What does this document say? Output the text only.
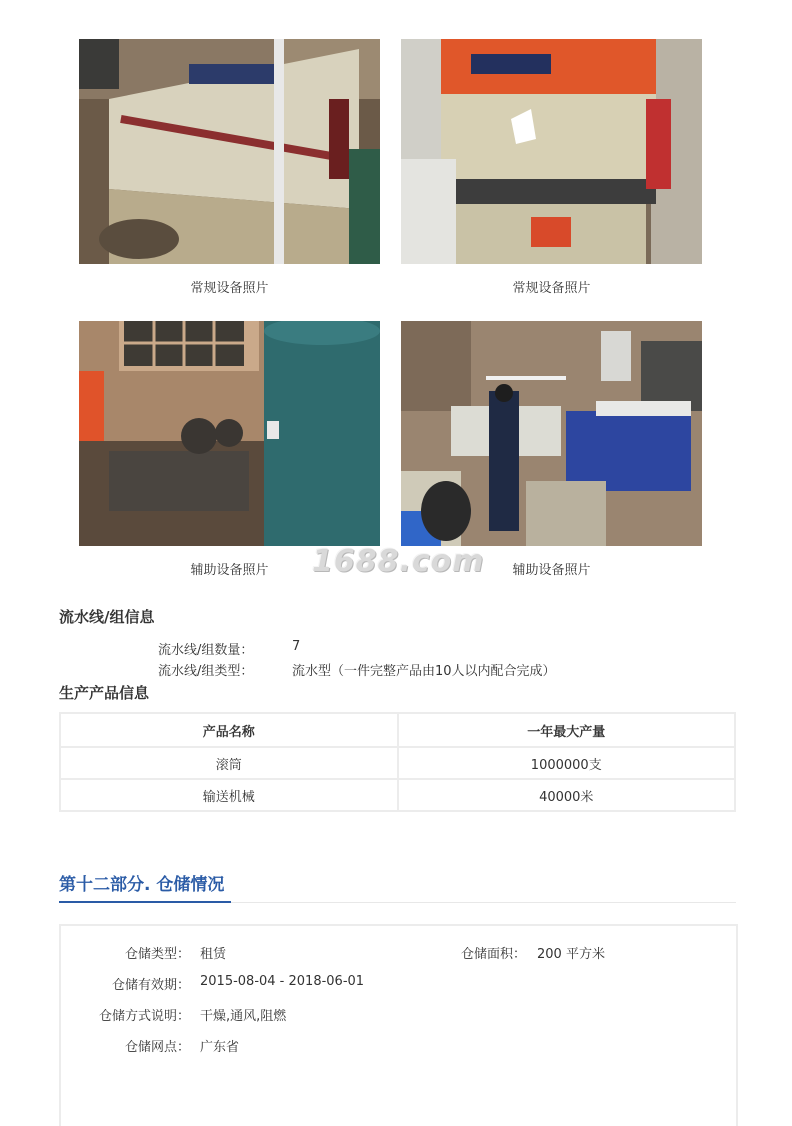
常规设备照片	常规设备照片
辅助设备照片	辅助设备照片
1688.com
流水线/组信息
流水线/组数量：	7
流水线/组类型：	流水型（一件完整产品由10人以内配合完成）
生产产品信息
产品名称	一年最大产量
滚筒	1000000支
输送机械	40000米
第十二部分. 仓储情况
仓储类型： 租赁	仓储面积： 200 平方米
仓储有效期： 2015-08-04 - 2018-06-01
仓储方式说明： 干燥,通风,阻燃
仓储网点： 广东省
